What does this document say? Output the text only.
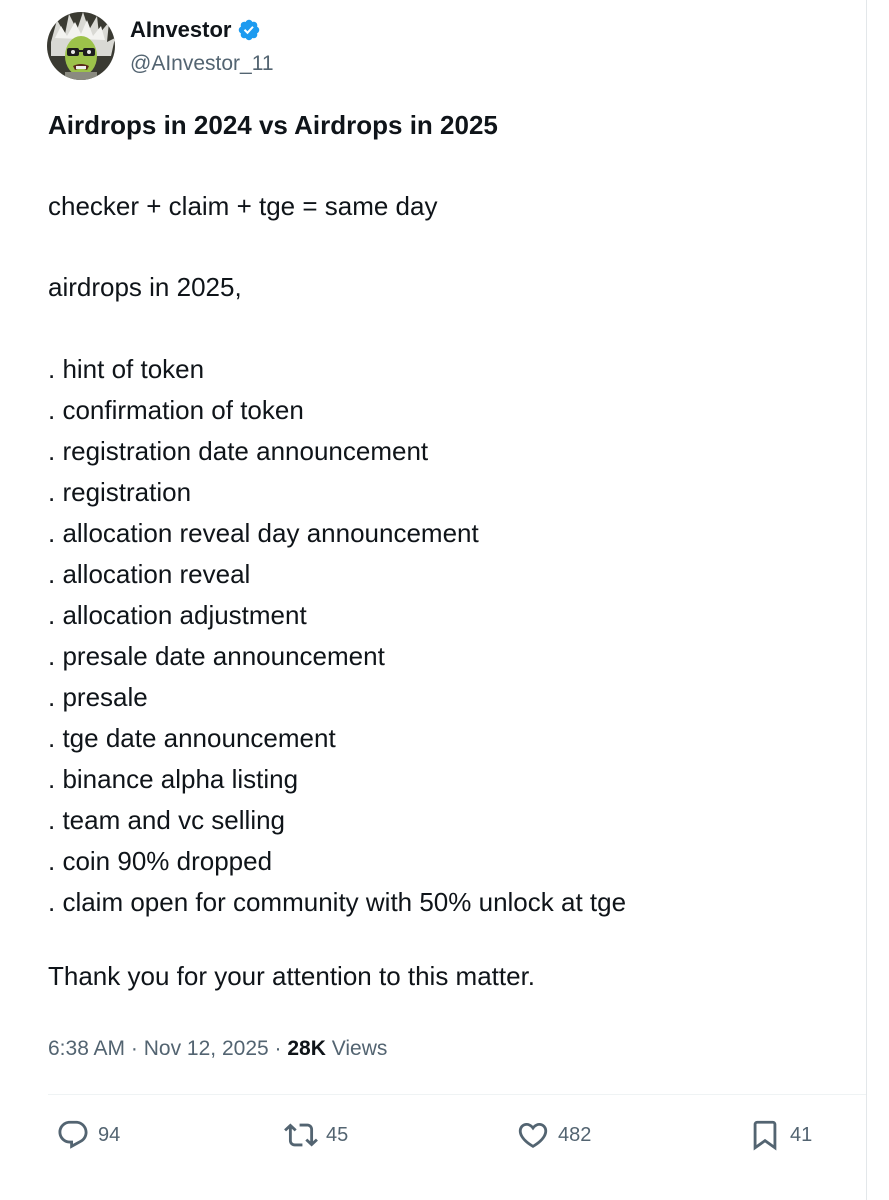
AInvestor
@AInvestor_11

Airdrops in 2024 vs Airdrops in 2025

checker + claim + tge = same day

airdrops in 2025,

. hint of token
. confirmation of token
. registration date announcement
. registration
. allocation reveal day announcement
. allocation reveal
. allocation adjustment
. presale date announcement
. presale
. tge date announcement
. binance alpha listing
. team and vc selling
. coin 90% dropped
. claim open for community with 50% unlock at tge

Thank you for your attention to this matter.

6:38 AM · Nov 12, 2025 · 28K Views
94	45	482	41
